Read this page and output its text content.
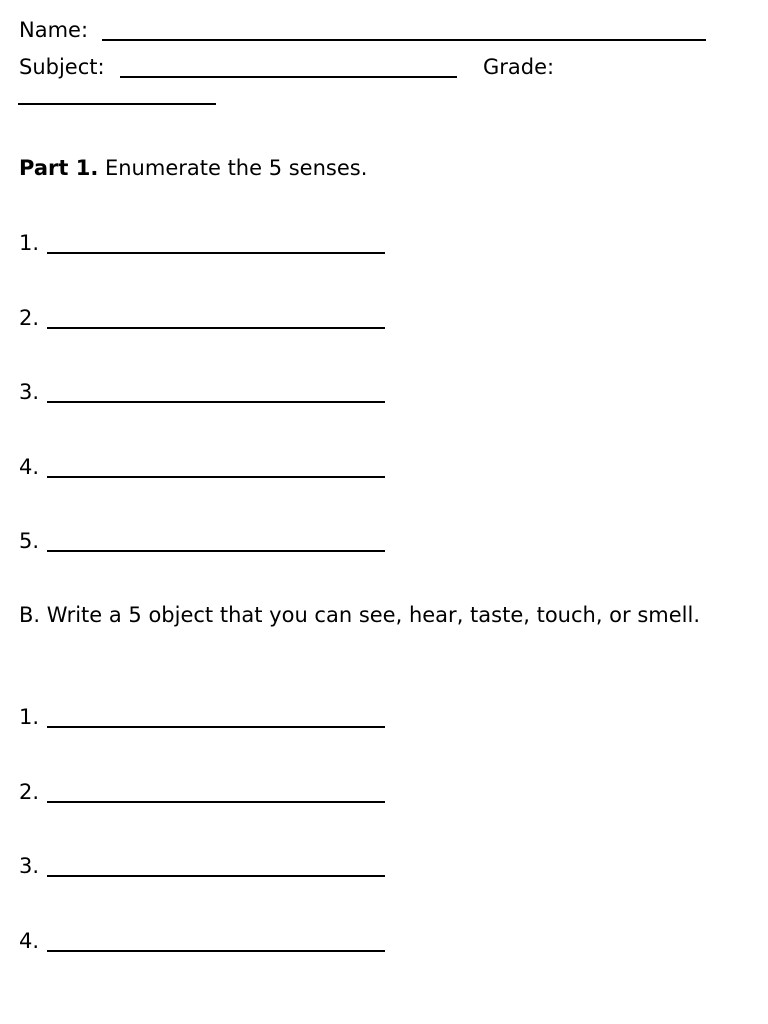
Name:
Subject:	Grade:
Part 1. Enumerate the 5 senses.
1.
2.
3.
4.
5.
B. Write a 5 object that you can see, hear, taste, touch, or smell.
1.
2.
3.
4.
